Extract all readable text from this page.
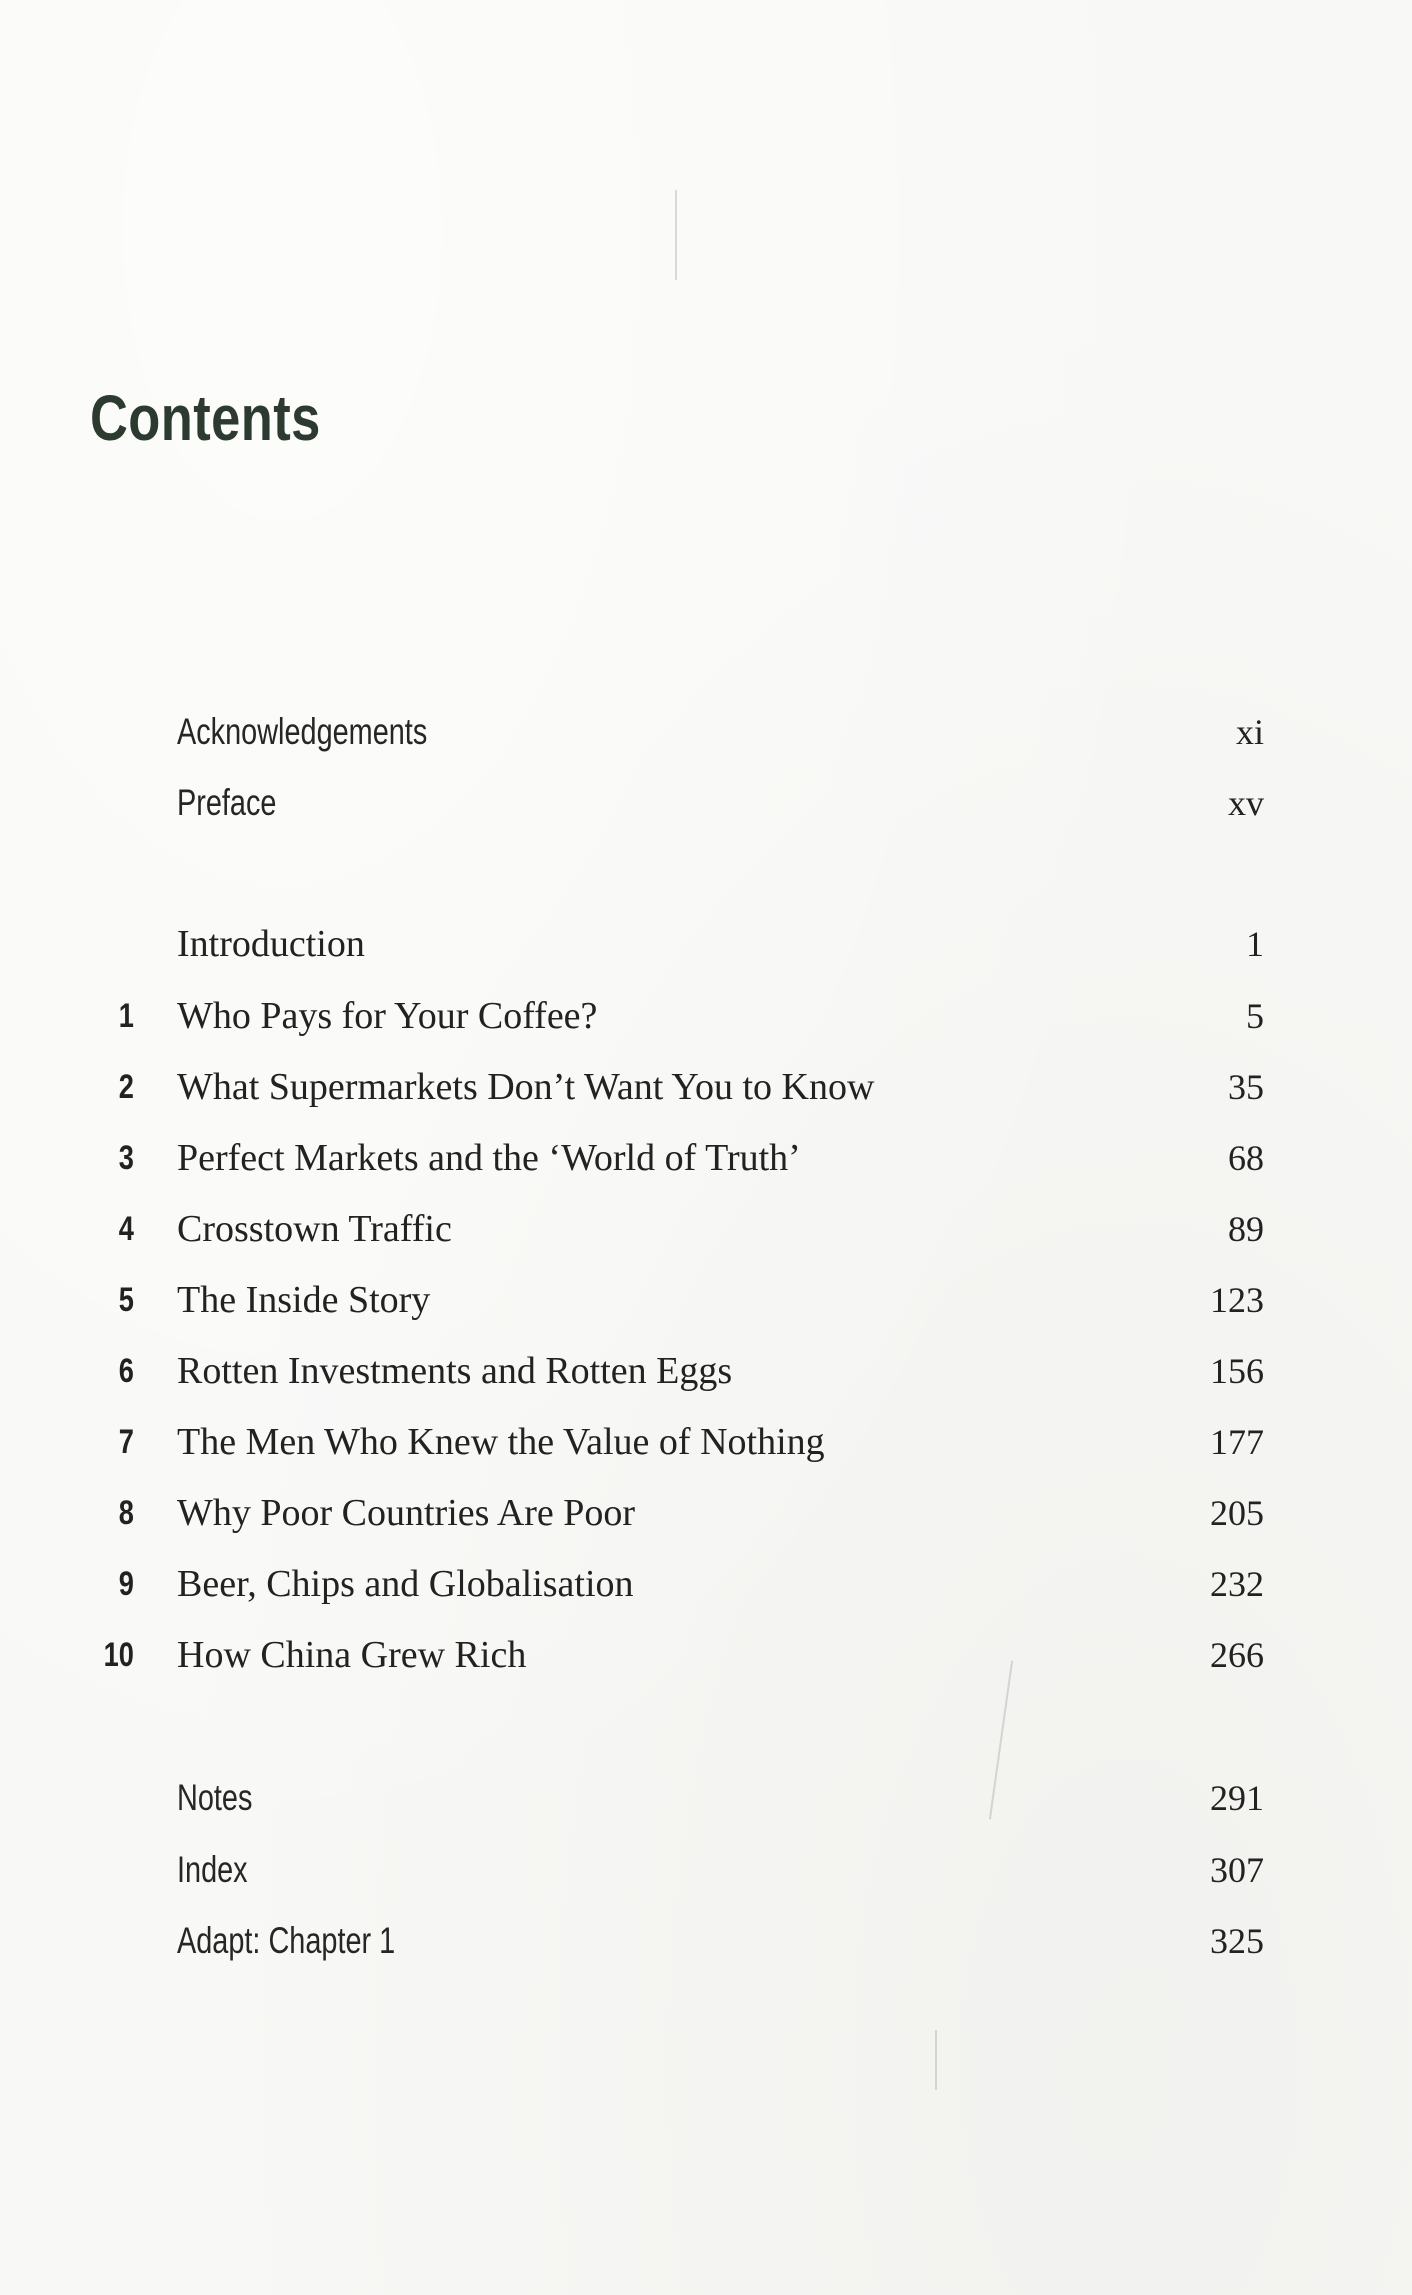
Contents
Acknowledgements	xi
Preface	xv
Introduction	1
1 Who Pays for Your Coffee?	5
2 What Supermarkets Don’t Want You to Know	35
3 Perfect Markets and the ‘World of Truth’	68
4 Crosstown Traffic	89
5 The Inside Story	123
6 Rotten Investments and Rotten Eggs	156
7 The Men Who Knew the Value of Nothing	177
8 Why Poor Countries Are Poor	205
9 Beer, Chips and Globalisation	232
10 How China Grew Rich	266
Notes	291
Index	307
Adapt: Chapter 1	325
